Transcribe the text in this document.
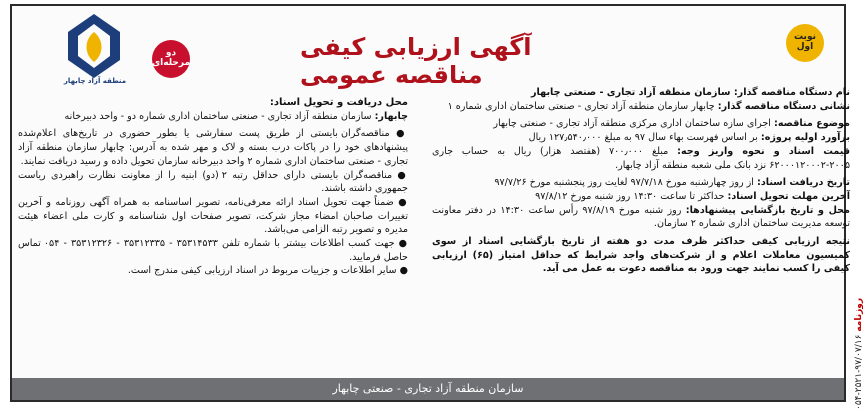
روزنامه ۹۷/۰۷/۱۶-۲۵۲۱-۰۵۴
منطقه آزاد چابهار
نوبت اول
دو مرحله‌ای
آگهی ارزیابی کیفی مناقصه عمومی

نام دستگاه مناقصه گذار: سازمان منطقه آزاد تجاری - صنعتی چابهار

نشانی دستگاه مناقصه گذار: چابهار سازمان منطقه آزاد تجاری - صنعتی ساختمان اداری شماره ۱

موضوع مناقصه: اجرای سازه ساختمان اداری مرکزی منطقه آزاد تجاری - صنعتی چابهار

برآورد اولیه پروژه: بر اساس فهرست بهاء سال ۹۷ به مبلغ ۱۲۷٫۵۴۰٫۰۰۰ ریال

قیمت اسناد و نحوه واریز وجه: مبلغ ۷۰۰٫۰۰۰ (هفتصد هزار) ریال به حساب جاری ۲۰۰۵-۶۲۰۰۰۱۲۰۰۰۲ نزد بانک ملی شعبه منطقه آزاد چابهار.

تاریخ دریافت اسناد: از روز چهارشنبه مورخ ۹۷/۷/۱۸ لغایت روز پنجشنبه مورخ ۹۷/۷/۲۶

آخرین مهلت تحویل اسناد: حداکثر تا ساعت ۱۴:۳۰ روز شنبه مورخ ۹۷/۸/۱۲

محل و تاریخ بازگشایی پیشنهادها: روز شنبه مورخ ۹۷/۸/۱۹ رأس ساعت ۱۴:۳۰ در دفتر معاونت توسعه مدیریت ساختمان اداری شماره ۲ سازمان.

نتیجه ارزیابی کیفی حداکثر ظرف مدت دو هفته از تاریخ بازگشایی اسناد از سوی کمیسیون معاملات اعلام و از شرکت‌های واجد شرایط که حداقل امتیاز (۶۵) ارزیابی کیفی را کسب نمایند جهت ورود به مناقصه دعوت به عمل می آید.

محل دریافت و تحویل اسناد:

چابهار: سازمان منطقه آزاد تجاری - صنعتی ساختمان اداری شماره دو - واحد دبیرخانه

● مناقصه‌گران بایستی از طریق پست سفارشی یا بطور حضوری در تاریخ‌های اعلام‌شده پیشنهادهای خود را در پاکات درب بسته و لاک و مهر شده به آدرس: چابهار سازمان منطقه آزاد تجاری - صنعتی ساختمان اداری شماره ۲ واحد دبیرخانه سازمان تحویل داده و رسید دریافت نمایند.

● مناقصه‌گران بایستی دارای حداقل رتبه ۲ (دو) ابنیه را از معاونت نظارت راهبردی ریاست جمهوری داشته باشند.

● ضمناً جهت تحویل اسناد ارائه معرفی‌نامه، تصویر اساسنامه به همراه آگهی روزنامه و آخرین تغییرات صاحبان امضاء مجاز شرکت، تصویر صفحات اول شناسنامه و کارت ملی اعضاء هیئت مدیره و تصویر رتبه الزامی می‌باشد.

● جهت کسب اطلاعات بیشتر با شماره تلفن ۳۵۳۱۴۵۳۳ - ۳۵۳۱۲۳۳۵ - ۳۵۳۱۲۳۲۶ - ۰۵۴ تماس حاصل فرمایید.

● سایر اطلاعات و جزییات مربوط در اسناد ارزیابی کیفی مندرج است.

سازمان منطقه آزاد تجاری - صنعتی چابهار
